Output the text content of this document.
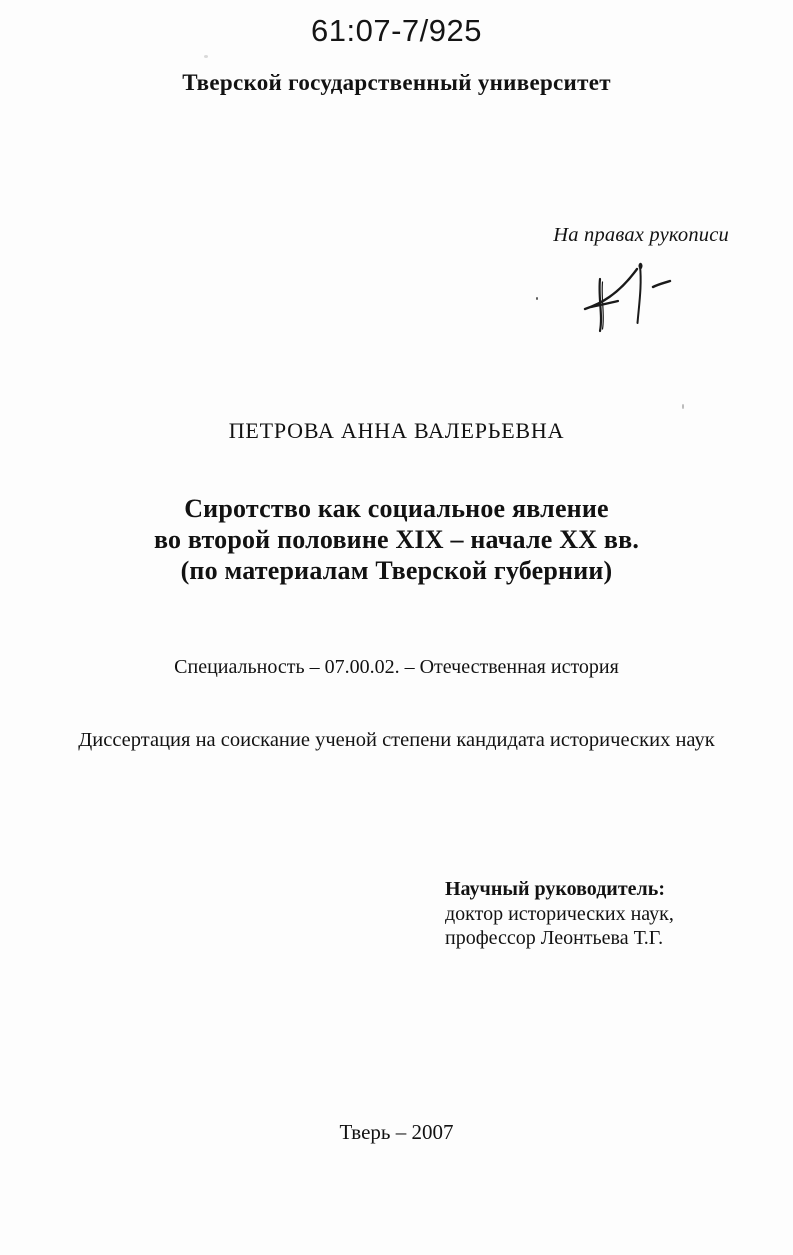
61:07-7/925
Тверской государственный университет
На правах рукописи
ПЕТРОВА АННА ВАЛЕРЬЕВНА
Сиротство как социальное явление
во второй половине XIX – начале XX вв.
(по материалам Тверской губернии)
Специальность – 07.00.02. – Отечественная история
Диссертация на соискание ученой степени кандидата исторических наук
Научный руководитель:
доктор исторических наук,
профессор Леонтьева Т.Г.
Тверь – 2007
